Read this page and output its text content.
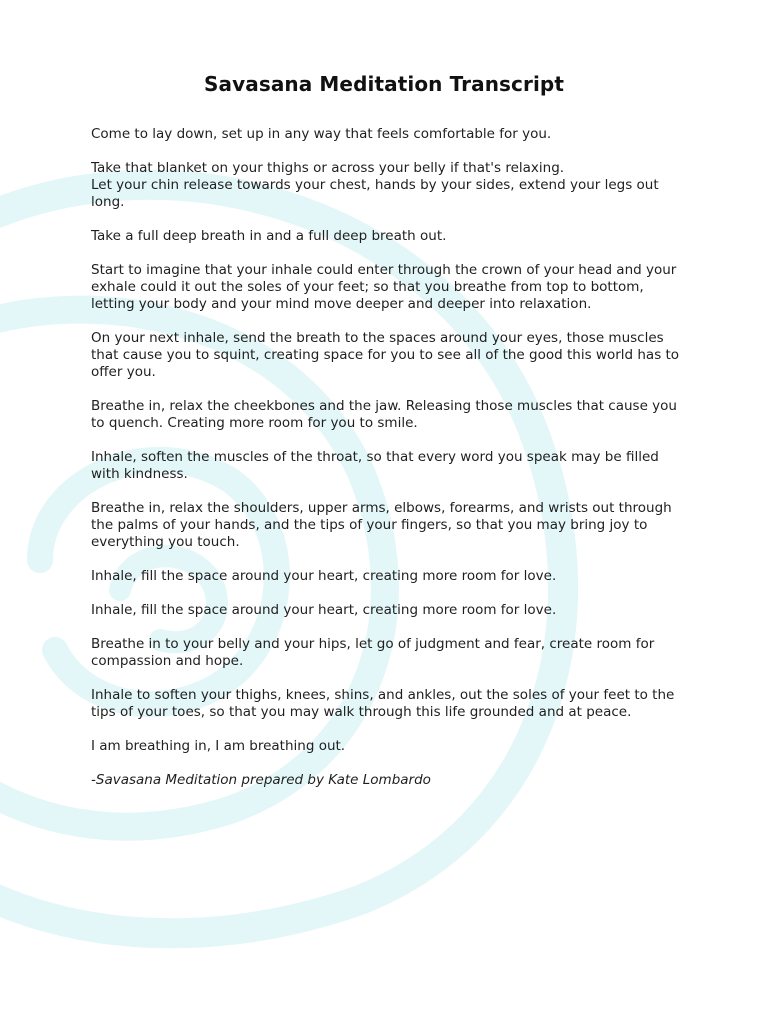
Savasana Meditation Transcript

Come to lay down, set up in any way that feels comfortable for you.

Take that blanket on your thighs or across your belly if that's relaxing.
Let your chin release towards your chest, hands by your sides, extend your legs out long.

Take a full deep breath in and a full deep breath out.

Start to imagine that your inhale could enter through the crown of your head and your exhale could it out the soles of your feet; so that you breathe from top to bottom, letting your body and your mind move deeper and deeper into relaxation.

On your next inhale, send the breath to the spaces around your eyes, those muscles that cause you to squint, creating space for you to see all of the good this world has to offer you.

Breathe in, relax the cheekbones and the jaw. Releasing those muscles that cause you to quench. Creating more room for you to smile.

Inhale, soften the muscles of the throat, so that every word you speak may be filled with kindness.

Breathe in, relax the shoulders, upper arms, elbows, forearms, and wrists out through the palms of your hands, and the tips of your fingers, so that you may bring joy to everything you touch.

Inhale, fill the space around your heart, creating more room for love.

Inhale, fill the space around your heart, creating more room for love.

Breathe in to your belly and your hips, let go of judgment and fear, create room for compassion and hope.

Inhale to soften your thighs, knees, shins, and ankles, out the soles of your feet to the tips of your toes, so that you may walk through this life grounded and at peace.

I am breathing in, I am breathing out.

-Savasana Meditation prepared by Kate Lombardo
